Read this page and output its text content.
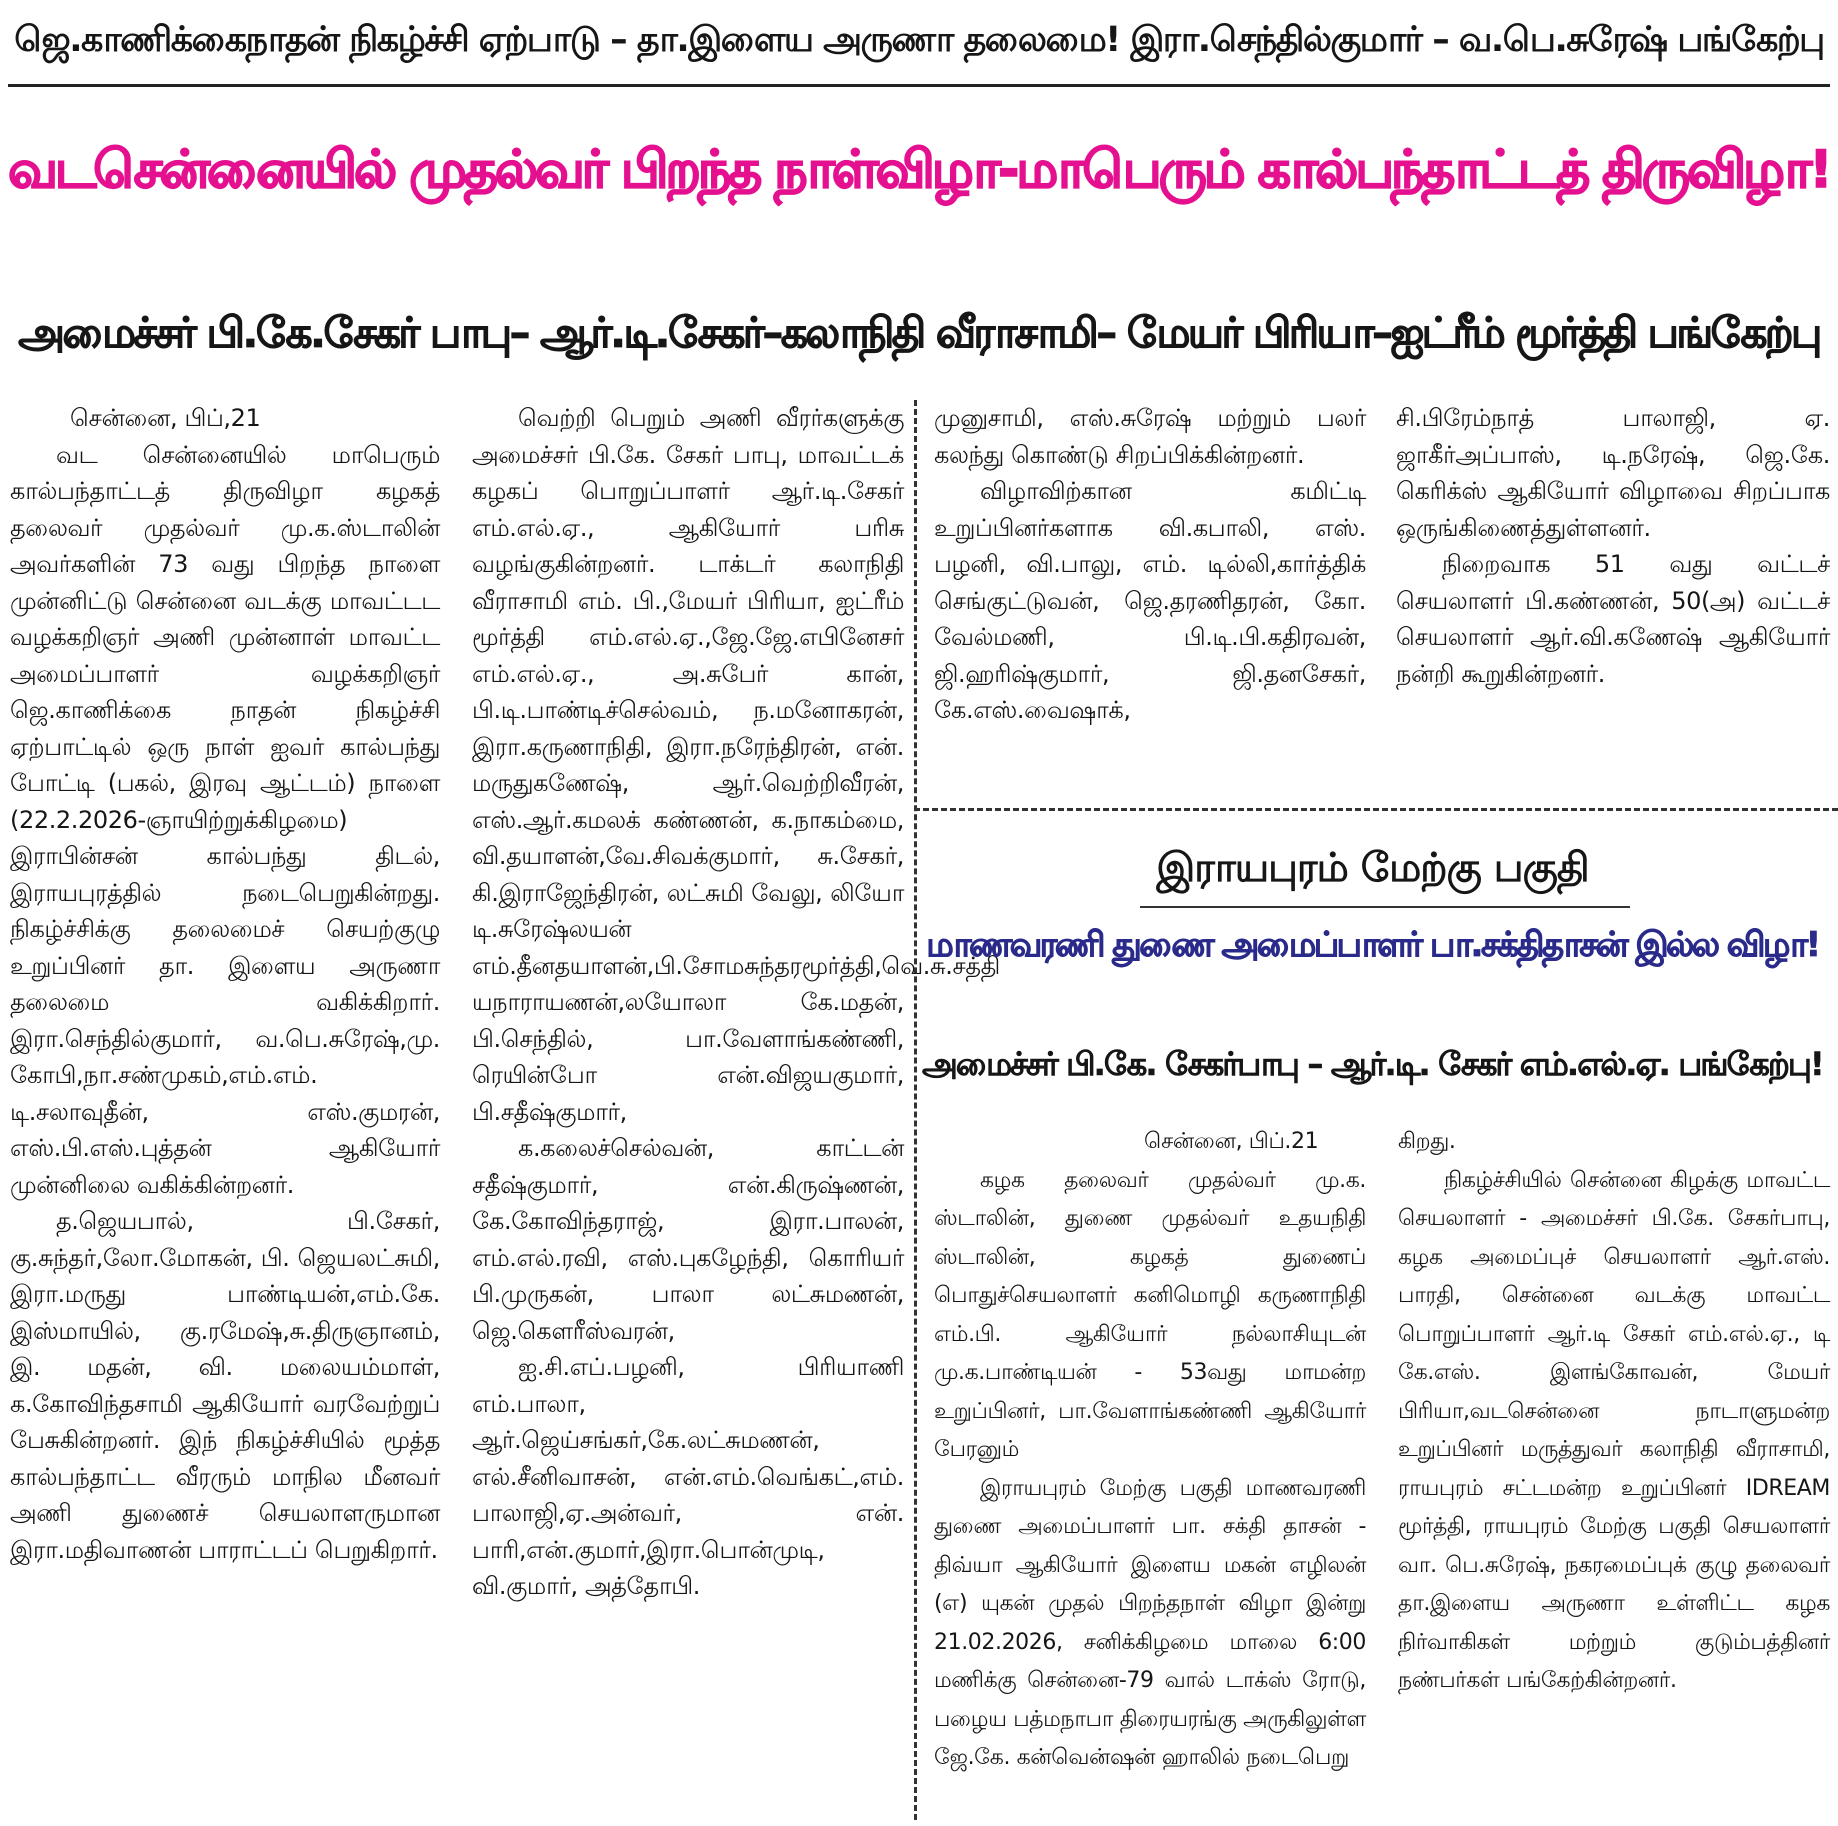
ஜெ.காணிக்கைநாதன் நிகழ்ச்சி ஏற்பாடு – தா.இளைய அருணா தலைமை! இரா.செந்தில்குமார் – வ.பெ.சுரேஷ் பங்கேற்பு
வடசென்னையில் முதல்வர் பிறந்த நாள்விழா-மாபெரும் கால்பந்தாட்டத் திருவிழா!
அமைச்சர் பி.கே.சேகர் பாபு– ஆர்.டி.சேகர்–கலாநிதி வீராசாமி– மேயர் பிரியா–ஐட்ரீம் மூர்த்தி பங்கேற்பு

சென்னை, பிப்,21

வட சென்னையில் மாபெரும் கால்பந்தாட்டத் திருவிழா கழகத் தலைவர் முதல்வர் மு.க.ஸ்டாலின் அவர்களின் 73 வது பிறந்த நாளை முன்னிட்டு சென்னை வடக்கு மாவட்டட வழக்கறிஞர் அணி முன்னாள் மாவட்ட அமைப்பாளர் வழக்கறிஞர் ஜெ.காணிக்கை நாதன் நிகழ்ச்சி ஏற்பாட்டில் ஒரு நாள் ஐவர் கால்பந்து போட்டி (பகல், இரவு ஆட்டம்) நாளை (22.2.2026-ஞாயிற்றுக்கிழமை) இராபின்சன் கால்பந்து திடல், இராயபுரத்தில் நடைபெறுகின்றது. நிகழ்ச்சிக்கு தலைமைச் செயற்குழு உறுப்பினர் தா. இளைய அருணா தலைமை வகிக்கிறார். இரா.செந்தில்குமார், வ.பெ.சுரேஷ்,மு. கோபி,நா.சண்முகம்,எம்.எம். டி.சலாவுதீன், எஸ்.குமரன், எஸ்.பி.எஸ்.புத்தன் ஆகியோர் முன்னிலை வகிக்கின்றனர்.

த.ஜெயபால், பி.சேகர், கு.சுந்தர்,லோ.மோகன், பி. ஜெயலட்சுமி, இரா.மருது பாண்டியன்,எம்.கே. இஸ்மாயில், கு.ரமேஷ்,சு.திருஞானம், இ. மதன், வி. மலையம்மாள், க.கோவிந்தசாமி ஆகியோர் வரவேற்றுப் பேசுகின்றனர். இந் நிகழ்ச்சியில் மூத்த கால்பந்தாட்ட வீரரும் மாநில மீனவர் அணி துணைச் செயலாளருமான இரா.மதிவாணன் பாராட்டப் பெறுகிறார்.

வெற்றி பெறும் அணி வீரர்களுக்கு அமைச்சர் பி.கே. சேகர் பாபு, மாவட்டக் கழகப் பொறுப்பாளர் ஆர்.டி.சேகர் எம்.எல்.ஏ., ஆகியோர் பரிசு வழங்குகின்றனர். டாக்டர் கலாநிதி வீராசாமி எம். பி.,மேயர் பிரியா, ஐட்ரீம் மூர்த்தி எம்.எல்.ஏ.,ஜே.ஜே.எபினேசர் எம்.எல்.ஏ., அ.சுபேர் கான், பி.டி.பாண்டிச்செல்வம், ந.மனோகரன், இரா.கருணாநிதி, இரா.நரேந்திரன், என். மருதுகணேஷ், ஆர்.வெற்றிவீரன், எஸ்.ஆர்.கமலக் கண்ணன், க.நாகம்மை, வி.தயாளன்,வே.சிவக்குமார், சு.சேகர், கி.இராஜேந்திரன், லட்சுமி வேலு, லியோ டி.சுரேஷ்லயன் எம்.தீனதயாளன்,பி.சோமசுந்தரமூர்த்தி,வெ.சு.சத்தி யநாராயணன்,லயோலா கே.மதன், பி.செந்தில், பா.வேளாங்கண்ணி, ரெயின்போ என்.விஜயகுமார், பி.சதீஷ்குமார்,

க.கலைச்செல்வன், காட்டன் சதீஷ்குமார், என்.கிருஷ்ணன், கே.கோவிந்தராஜ், இரா.பாலன், எம்.எல்.ரவி, எஸ்.புகழேந்தி, கொரியர் பி.முருகன், பாலா லட்சுமணன், ஜெ.கௌரீஸ்வரன்,

ஐ.சி.எப்.பழனி, பிரியாணி எம்.பாலா, ஆர்.ஜெய்சங்கர்,கே.லட்சுமணன், எல்.சீனிவாசன், என்.எம்.வெங்கட்,எம். பாலாஜி,ஏ.அன்வர், என். பாரி,என்.குமார்,இரா.பொன்முடி, வி.குமார், அத்தோபி.

முனுசாமி, எஸ்.சுரேஷ் மற்றும் பலர் கலந்து கொண்டு சிறப்பிக்கின்றனர்.

விழாவிற்கான கமிட்டி உறுப்பினர்களாக வி.கபாலி, எஸ். பழனி, வி.பாலு, எம். டில்லி,கார்த்திக் செங்குட்டுவன், ஜெ.தரணிதரன், கோ. வேல்மணி, பி.டி.பி.கதிரவன், ஜி.ஹரிஷ்குமார், ஜி.தனசேகர், கே.எஸ்.வைஷாக்,

சி.பிரேம்நாத் பாலாஜி, ஏ. ஜாகீர்அப்பாஸ், டி.நரேஷ், ஜெ.கே. கெரிக்ஸ் ஆகியோர் விழாவை சிறப்பாக ஒருங்கிணைத்துள்ளனர்.

நிறைவாக 51 வது வட்டச் செயலாளர் பி.கண்ணன், 50(அ) வட்டச் செயலாளர் ஆர்.வி.கணேஷ் ஆகியோர் நன்றி கூறுகின்றனர்.

இராயபுரம் மேற்கு பகுதி
மாணவரணி துணை அமைப்பாளர் பா.சக்திதாசன் இல்ல விழா!
அமைச்சர் பி.கே. சேகர்பாபு – ஆர்.டி. சேகர் எம்.எல்.ஏ. பங்கேற்பு!

சென்னை, பிப்.21

கழக தலைவர் முதல்வர் மு.க. ஸ்டாலின், துணை முதல்வர் உதயநிதி ஸ்டாலின், கழகத் துணைப் பொதுச்செயலாளர் கனிமொழி கருணாநிதி எம்.பி. ஆகியோர் நல்லாசியுடன் மு.க.பாண்டியன் - 53வது மாமன்ற உறுப்பினர், பா.வேளாங்கண்ணி ஆகியோர் பேரனும்

இராயபுரம் மேற்கு பகுதி மாணவரணி துணை அமைப்பாளர் பா. சக்தி தாசன் - திவ்யா ஆகியோர் இளைய மகன் எழிலன் (எ) யுகன் முதல் பிறந்தநாள் விழா இன்று 21.02.2026, சனிக்கிழமை மாலை 6:00 மணிக்கு சென்னை-79 வால் டாக்ஸ் ரோடு, பழைய பத்மநாபா திரையரங்கு அருகிலுள்ள ஜே.கே. கன்வென்ஷன் ஹாலில் நடைபெறு

கிறது.

நிகழ்ச்சியில் சென்னை கிழக்கு மாவட்ட செயலாளர் - அமைச்சர் பி.கே. சேகர்பாபு, கழக அமைப்புச் செயலாளர் ஆர்.எஸ். பாரதி, சென்னை வடக்கு மாவட்ட பொறுப்பாளர் ஆர்.டி சேகர் எம்.எல்.ஏ., டி கே.எஸ். இளங்கோவன், மேயர் பிரியா,வடசென்னை நாடாளுமன்ற உறுப்பினர் மருத்துவர் கலாநிதி வீராசாமி, ராயபுரம் சட்டமன்ற உறுப்பினர் IDREAM மூர்த்தி, ராயபுரம் மேற்கு பகுதி செயலாளர் வா. பெ.சுரேஷ், நகரமைப்புக் குழு தலைவர் தா.இளைய அருணா உள்ளிட்ட கழக நிர்வாகிகள் மற்றும் குடும்பத்தினர் நண்பர்கள் பங்கேற்கின்றனர்.
